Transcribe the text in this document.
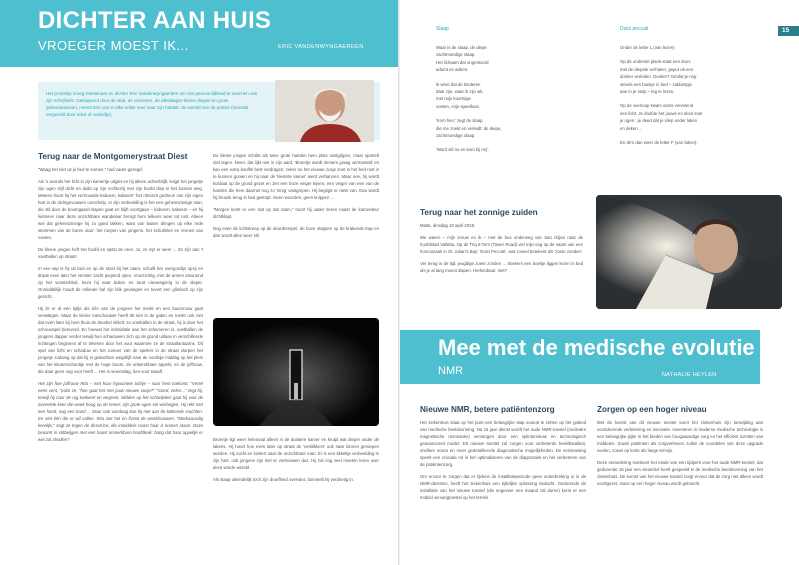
DICHTER AAN HUIS
VROEGER MOEST IK...	ERIC VANDENWYNGAERDEN
Het pAZeDje vroeg Diestenaar en dichter Eric Vandenwyngaerden om ons persoonlijkheid te voorzien van zijn schrijfsels. Getrapeerd door de stad, de omzeven, de alledaagse kleine dingen en grote gebeurtenissen, neemt Eric ons in elke editie mee naar zijn habitat: de wereld van de poëzie (meestal vergezeld door tekst of cursiefje).
Terug naar de Montgomerystraat Diest

"Waag het niet uit je bed te komen," had vader gezegd.

Als 's avonds het licht in zijn kamertje uitgiet en hij alleen achterblijft, knijpt het jongetje zijn ogen stijf dicht en duikt op zijn rechterzij met zijn hoofd diep in het kussen weg. Meteen hoort hij het vertrouwde kaboem, kaboem" het ritmisch gedreun van zijn eigen hart in de dichtgevouwen oorschelp. In zijn verbeelding is het een geheimzinnige man, die stil door de boomgaard slapen gaat en blijft voortgaan – kaboem, kaboem – en hij luisteren naar deze onzichtbare wandelaar brengt hem telkens weer tot rust. Alleen wel dat geheimzinnige hij zo goed lakken, want van buiten dringen op elke rede stemmen van de buren door; het roepen van jongens, het schuifelen en rennen van voeten.

De kleine jongen heft het hoofd en spitst de oren. Jo, ze zijn er weer ... Ze zijn aan 't voetballen op straat!

In een wip is hij uit bed en op de stoel bij het raam, schuift het overgordijn opzij en draait even later het venster zacht piepend open. Voorzichtig, met de armen steunend op het vensterbled, leunt hij naar buiten en tuurt nieuwsgierig in de diepte. Onmiddellijk houdt de rollende bal zijn blik gevangen en tovert een glimlach op zijn gezicht.

Hij zit er al een tijdje als één van de jongens het merkt en een buurvrouw gaat verwittigen. Maar de kleine toeschouwer heeft dit niet in de gaten en merkt ook niet dat even later bij hem thuis de deurbel inklelt; zo voetballen in de straat, hij is door het schouwspel betoverd. En hoewel het intimidatie aan het schemeren is, voetballen de jongens dapper verder terwijl hun schaduwen zich op de grond uitlaan in verschillende richtingen beginnen af te tekenen door het vuur waarmee ze de straatlantaarns. Dit spel van licht en schaduw en het rumoer van de spelers in de straat slorpen het jongetje zodanig op dat hij in gedachten wegdrijft naar de voorbije middag op het plein van het kleuterschooltje met de hoge boom, de onberekbare appels; en de juffrouw, die daar geen oog voor heeft ... Het is woensdag, tien voor twaalf.

Het zijn hoe juffrouw Rita – met haar hypocriete lachje – naar hem toekomt. "Vertel eens vent, "polst ze, "hoe gaat het met jouw nieuwe zusje?" "Goed, zeker..." zegt hij, terwijl hij naar de rug toekeert en wegrent. Midden op het schoolplein gaat hij voor de zoveelste keer die week hoog op de tenen; zijn grote ogen vol verlangen. Hij rekt met een hand, nog een hand ... Maar ook vandaag kan hij niet aan de lokkende vruchten. En niet één die er wil vallen. Rita ziet het en fronst de wenkbrauwen. "Merkwaardig kereltje," zegt ze tegen de directrice, die inmiddels naast haar is komen staan. Deze beaamt in stilzwijgen met een haast onmerkbare hoofdknik: bang dat haar appeltje er wel zal afvallen?

De kleine jongen schrikt als twee grote handen hem plots vastgrijpen, maar spartelt niet tegen. Neen, dat lijkt niet in zijn aard. 'Broertje wordt immers graag vertroeteld' en kan een extra knuffel best verdragen; zeker nu het nieuwe zusje zoet in het bed rust in te kunnen gooien en hij naar de 'kleinste kamer' werd verbannen. Maar nee, hij wordt kordaat op de grond gezet en ziet een boze vinger kijven; een vinger van een van de handen die hem daarnet nog zo 'innig' vastgrepen. Hij begrijpt er niets van. Dan wordt hij bruusk terug in bed gestopt. Geen woorden, geen knippen ...

"Morgen komt er een slot op dat raam," hoort hij vader tieren naast de kamerdeur dichtklapt.

Nog even de lichtstreep op de deurdrempel, de boze stappen op de krakende trap en dan wordt alles weer stil.

Broertje ligt weer helemaal alleen in de duistere kamer en kruipt wat dieper onder de lakens. Hij hoort hoe even later op straat de 'verklikkers' ook naar binnen geroepen worden. Hij zucht en luistert naar de onzichtbare man. Er is een tikkeltje verbeelding in zijn hart, ook jongens zijn niet te vertrouwen dus. Hij zal nog veel moeten leren over deze wrede wereld.

Als slaap uiteindelijk toch zijn droefheid overwint, dommelt hij verdrietig in.

15
Slaap

Waar is de slaap, de diepe

zachtmoedige slaap.

Het lichaam dat ongestoord

adumt en ademt.

Ik weet dat de kinderen

daar zijn, waar ik zijn wil,

met mijn koortsige

voeten, mijn speelbust.

'Kom hier,' zegt de slaap

die me zoekt en verleidt: de diepe,

zachtmoedige slaap.

'Word stil nu en kom bij mij'.

Dolci peccati

Onder de letter L (van lezen)

Op de onderste plank staat een doos

met de diepste verhalen, geput uit een

donker verleden. Donker? Omdat je nog

steeds een boekje in bed – zaklampje

aan in je stulp – leg te lezen.

Op de overloop kwam soms vervelend

een licht. Je doofde het jouwe en sloot snel

je ogen : je deed dat je sliep onder laken

en deken ...

En de's dan weer de letter F (van faken).

Terug naar het zonnige zuiden

Malta, dinsdag 10 april 2018.

We waren – mijn vrouw en ik – met de bus onderweg van San Giljan naar de hoofdstad Valletta. Op de Triq it-Torri (Tower Road) viel mijn oog op de naam van een horecazaak in St. Julian's Bay: 'Dolci Peccati', wat zoveel betekent als 'zoete zonden'.

Ver terug in de tijd: jeugdige zoete zonden ... Stiekem een boekje liggen lezen in bed als je al lang moest slapen. Herkenbaar, niet?

Mee met de medische evolutie
NMR	NATHALIE HEYLEN
Nieuwe NMR, betere patiëntenzorg

Het ziekenhuis staat op het punt een belangrijke stap vooruit te zetten op het gebied van medische beeldvorming. Na 15 jaar dienst wordt het oude NMR-toestel (nucleaire magnetische resonantie) vervangen door een splinternieuw en technologisch geavanceerd model. Dit nieuwe toestel zal zorgen voor verbeterde beeldkwaliteit, snellere scans en meer gedetailleerde diagnostische mogelijkheden. De vernieuwing speelt een cruciale rol in het optimaliseren van de diagnostiek en het verbeteren van de patiëntenzorg.

Om ervoor te zorgen dat er tijdens de installatieperiode geen onderbreking is in de NMR-diensten, heeft het ziekenhuis een tijdelijke oplossing bedacht. Gedurende de installatie van het nieuwe toestel (die ongeveer een maand zal duren) komt er een mobiel vervangtoestel op het terrein.

Zorgen op een hoger niveau

Met de komst van dit nieuwe toestel toont het ziekenhuis zijn toewijding aan voortdurende verbetering en innovatie. Investeren in moderne medische technologie is een belangrijke pijler in het bieden van hoogwaardige zorg en het efficiënt inzetten van middelen. Zowel patiënten als zorgverleners zullen de voordelen van deze upgrade voelen, zowel op korte als lange termijn.

Deze verandering markeert het einde van een tijdperk voor het oude NMR-toestel, dat gedurende 15 jaar een sleutelrol heeft gespeeld in de medische beeldvorming van het ziekenhuis. De komst van het nieuwe toestel zorgt ervoor dat de zorg niet alleen wordt voortgezet, maar op een hoger niveau wordt gebracht.
